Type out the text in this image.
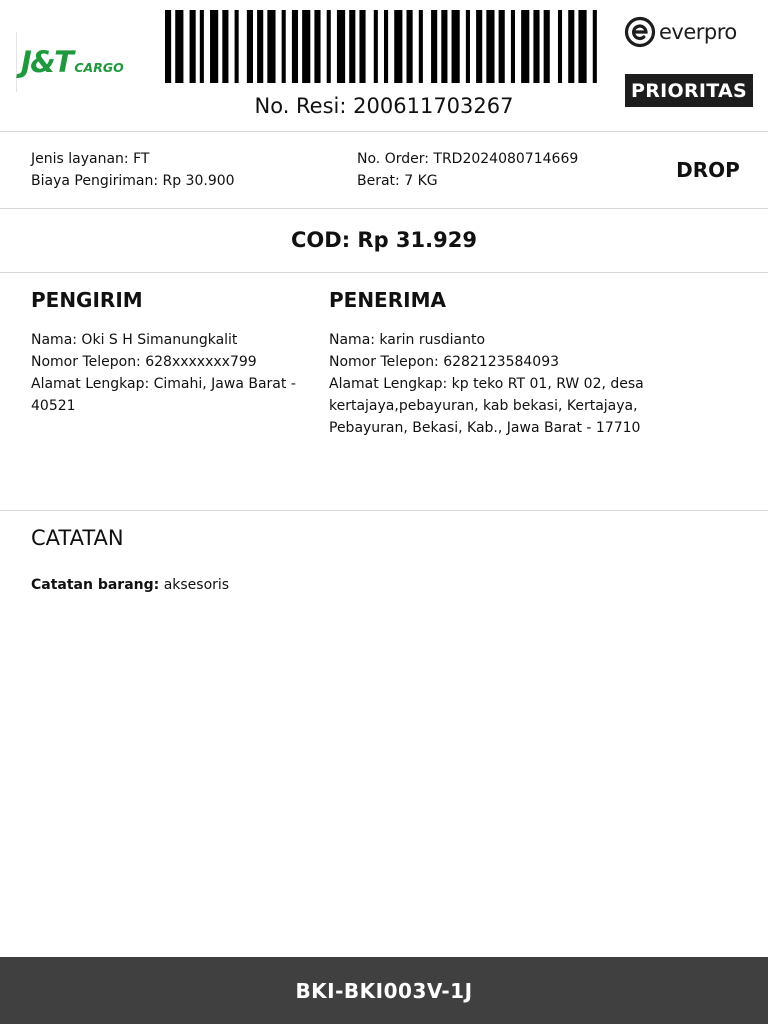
J&T CARGO
No. Resi: 200611703267
everpro
PRIORITAS
Jenis layanan: FT
Biaya Pengiriman: Rp 30.900
No. Order: TRD2024080714669
Berat: 7 KG	DROP
COD: Rp 31.929
PENGIRIM
Nama: Oki S H Simanungkalit
Nomor Telepon: 628xxxxxxx799
Alamat Lengkap: Cimahi, Jawa Barat - 40521
PENERIMA
Nama: karin rusdianto
Nomor Telepon: 6282123584093
Alamat Lengkap: kp teko RT 01, RW 02, desa kertajaya,pebayuran, kab bekasi, Kertajaya, Pebayuran, Bekasi, Kab., Jawa Barat - 17710
CATATAN
Catatan barang: aksesoris
BKI-BKI003V-1J
